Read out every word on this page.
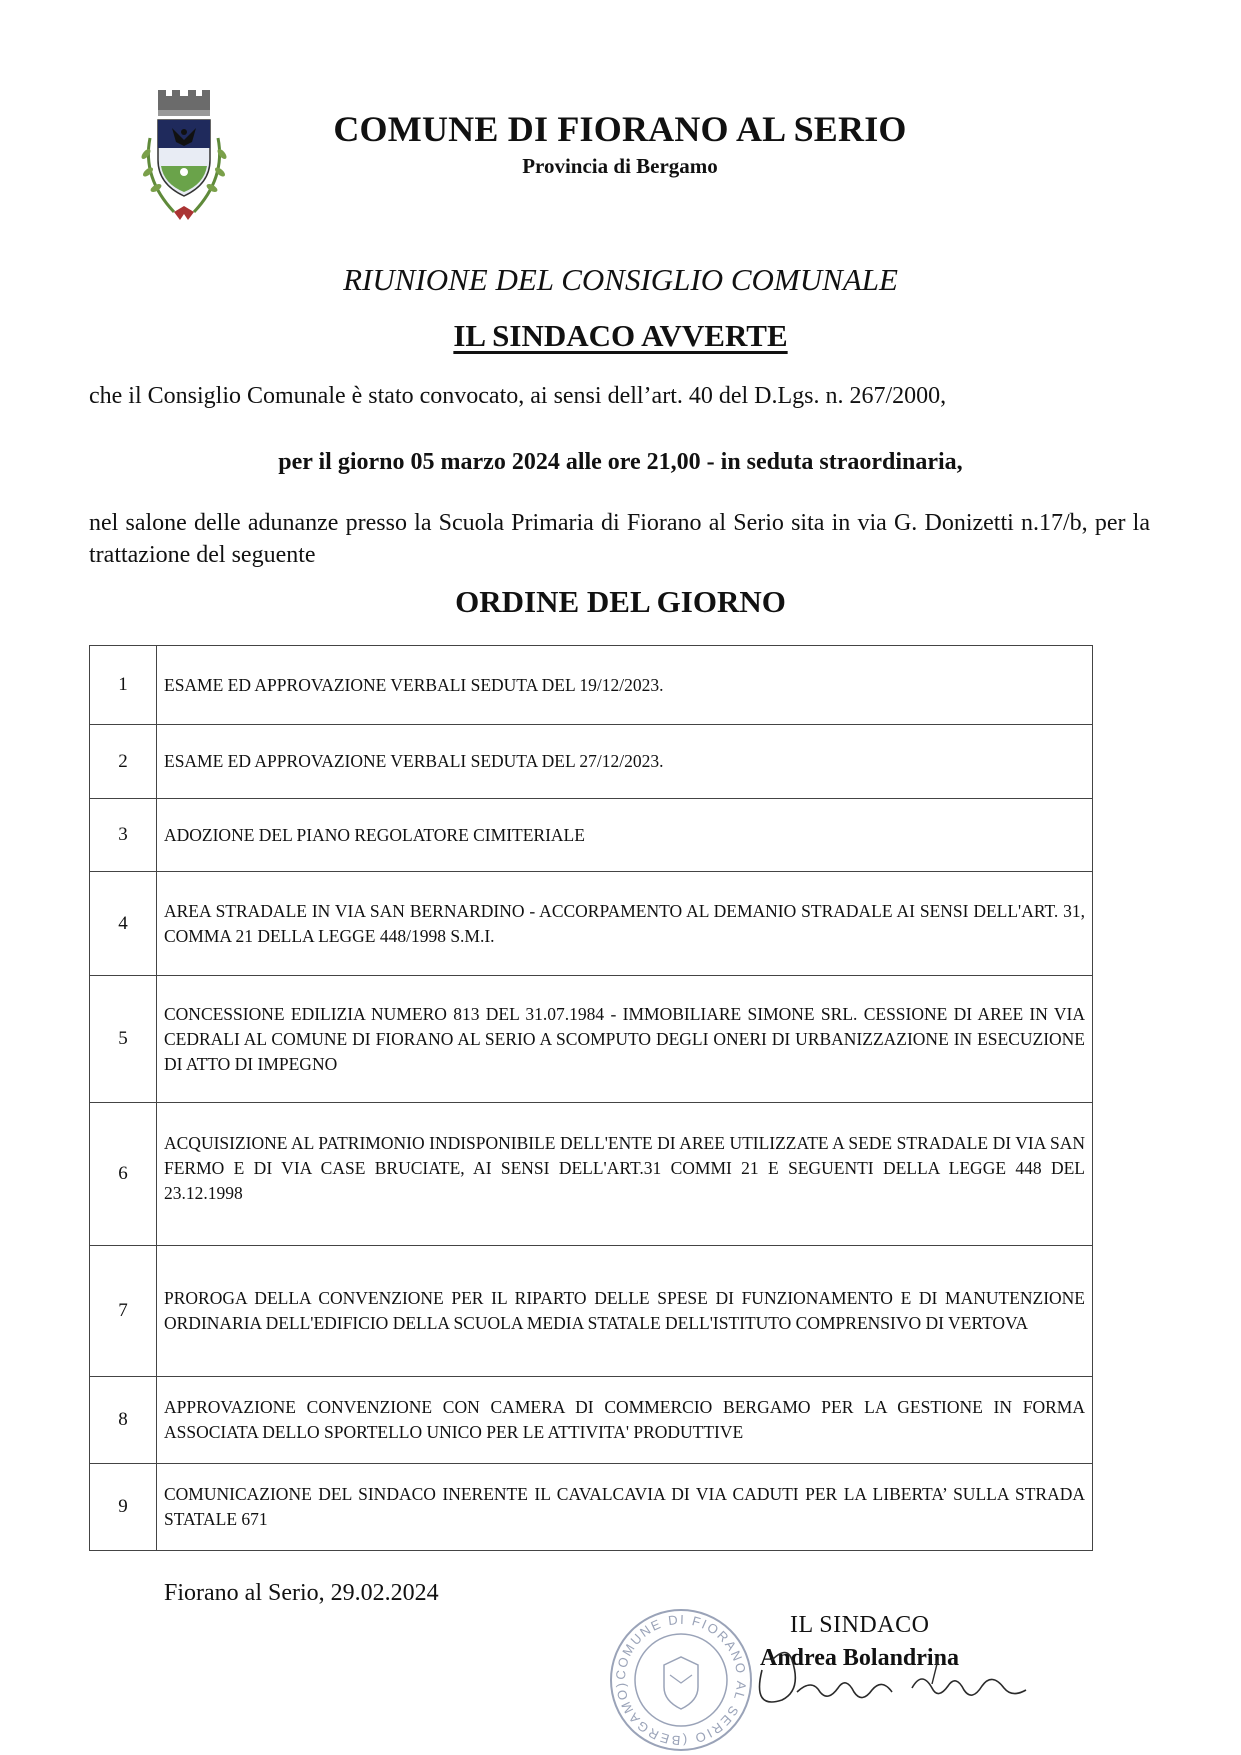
COMUNE DI FIORANO AL SERIO
Provincia di Bergamo
RIUNIONE DEL CONSIGLIO COMUNALE
IL SINDACO AVVERTE
che il Consiglio Comunale è stato convocato, ai sensi dell’art. 40 del D.Lgs. n. 267/2000,
per il giorno 05 marzo 2024 alle ore 21,00 - in seduta straordinaria,
nel salone delle adunanze presso la Scuola Primaria di Fiorano al Serio sita in via G. Donizetti n.17/b, per la trattazione del seguente
ORDINE DEL GIORNO
1	ESAME ED APPROVAZIONE VERBALI SEDUTA DEL 19/12/2023.
2	ESAME ED APPROVAZIONE VERBALI SEDUTA DEL 27/12/2023.
3	ADOZIONE DEL PIANO REGOLATORE CIMITERIALE
4	AREA STRADALE IN VIA SAN BERNARDINO - ACCORPAMENTO AL DEMANIO STRADALE AI SENSI DELL'ART. 31, COMMA 21 DELLA LEGGE 448/1998 S.M.I.
5	CONCESSIONE EDILIZIA NUMERO 813 DEL 31.07.1984 - IMMOBILIARE SIMONE SRL. CESSIONE DI AREE IN VIA CEDRALI AL COMUNE DI FIORANO AL SERIO A SCOMPUTO DEGLI ONERI DI URBANIZZAZIONE IN ESECUZIONE DI ATTO DI IMPEGNO
6	ACQUISIZIONE AL PATRIMONIO INDISPONIBILE DELL'ENTE DI AREE UTILIZZATE A SEDE STRADALE DI VIA SAN FERMO E DI VIA CASE BRUCIATE, AI SENSI DELL'ART.31 COMMI 21 E SEGUENTI DELLA LEGGE 448 DEL 23.12.1998
7	PROROGA DELLA CONVENZIONE PER IL RIPARTO DELLE SPESE DI FUNZIONAMENTO E DI MANUTENZIONE ORDINARIA DELL'EDIFICIO DELLA SCUOLA MEDIA STATALE DELL'ISTITUTO COMPRENSIVO DI VERTOVA
8	APPROVAZIONE CONVENZIONE CON CAMERA DI COMMERCIO BERGAMO PER LA GESTIONE IN FORMA ASSOCIATA DELLO SPORTELLO UNICO PER LE ATTIVITA' PRODUTTIVE
9	COMUNICAZIONE DEL SINDACO INERENTE IL CAVALCAVIA DI VIA CADUTI PER LA LIBERTA’ SULLA STRADA STATALE 671
Fiorano al Serio, 29.02.2024
COMUNE DI FIORANO AL SERIO (BERGAMO)
IL SINDACO
Andrea Bolandrina
